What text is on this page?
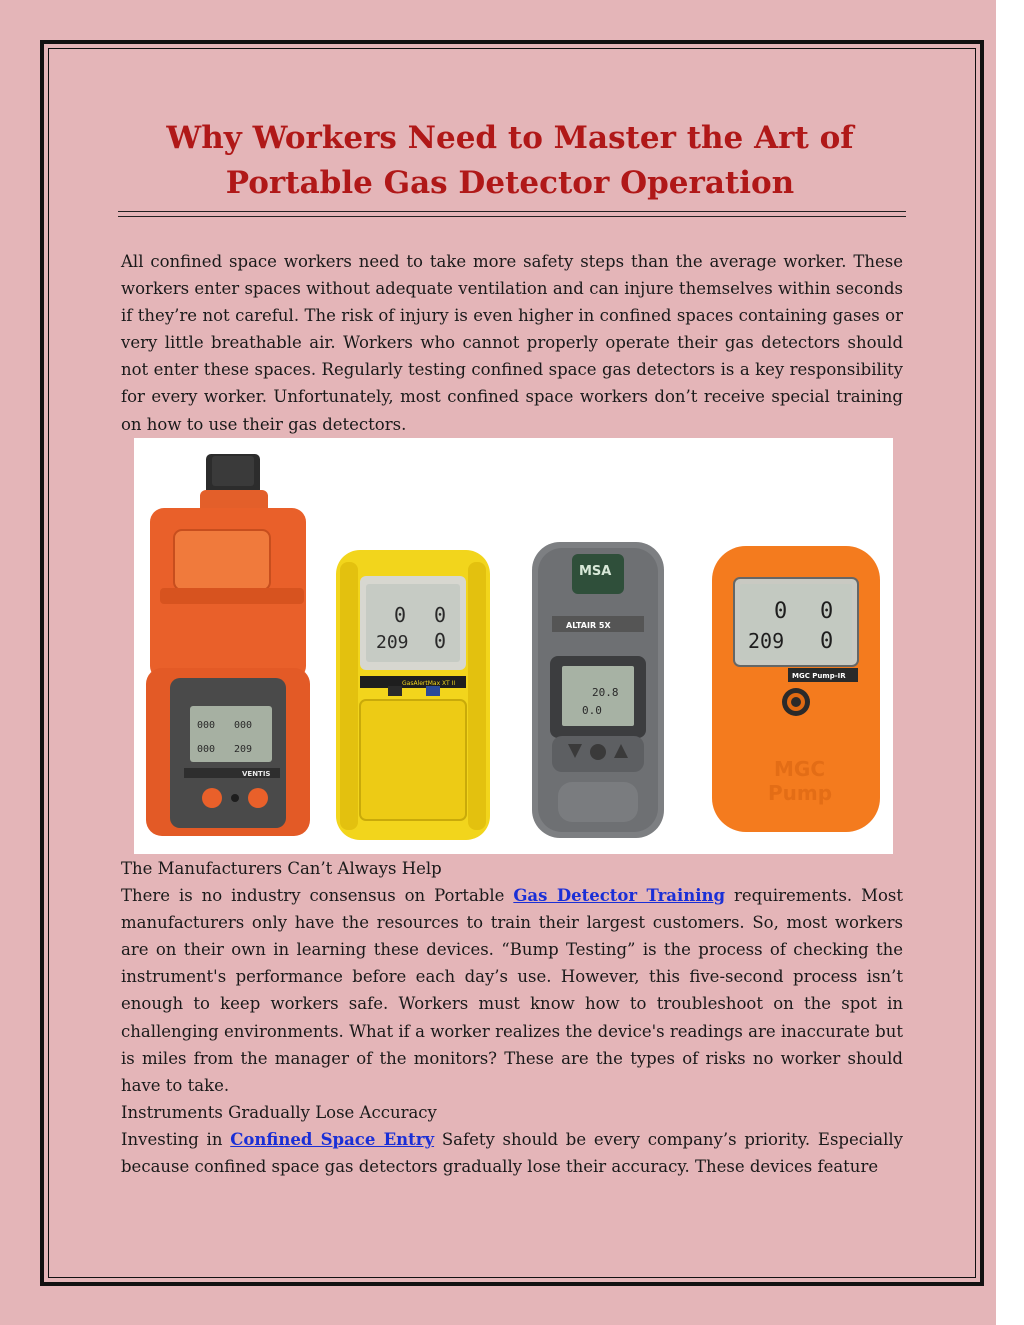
Why Workers Need to Master the Art of Portable Gas Detector Operation

All confined space workers need to take more safety steps than the average worker. These workers enter spaces without adequate ventilation and can injure themselves within seconds if they’re not careful. The risk of injury is even higher in confined spaces containing gases or very little breathable air. Workers who cannot properly operate their gas detectors should not enter these spaces. Regularly testing confined space gas detectors is a key responsibility for every worker. Unfortunately, most confined space workers don’t receive special training on how to use their gas detectors.

000 000
000 209
VENTIS
0 0
209 0
GasAlertMax XT II
MSA
ALTAIR 5X
20.8
0.0
0 0
209 0
MGC Pump-IR
MGC
Pump

The Manufacturers Can’t Always Help

There is no industry consensus on Portable Gas Detector Training requirements. Most manufacturers only have the resources to train their largest customers. So, most workers are on their own in learning these devices. “Bump Testing” is the process of checking the instrument's performance before each day’s use. However, this five-second process isn’t enough to keep workers safe. Workers must know how to troubleshoot on the spot in challenging environments. What if a worker realizes the device's readings are inaccurate but is miles from the manager of the monitors? These are the types of risks no worker should have to take.

Instruments Gradually Lose Accuracy

Investing in Confined Space Entry Safety should be every company’s priority. Especially because confined space gas detectors gradually lose their accuracy. These devices feature
